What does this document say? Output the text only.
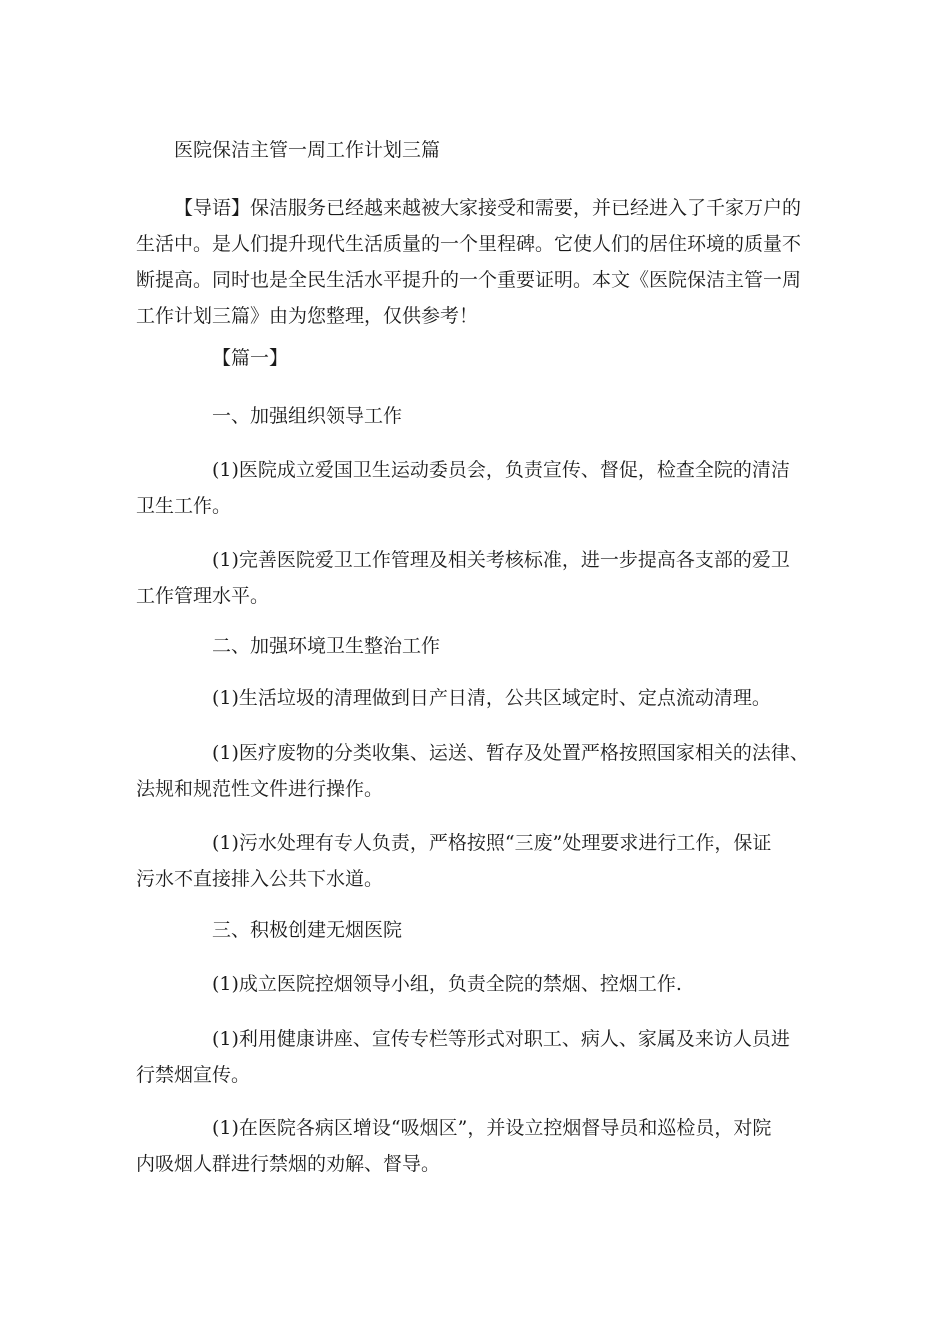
医院保洁主管一周工作计划三篇

【导语】保洁服务已经越来越被大家接受和需要，并已经进入了千家万户的
生活中。是人们提升现代生活质量的一个里程碑。它使人们的居住环境的质量不
断提高。同时也是全民生活水平提升的一个重要证明。本文《医院保洁主管一周
工作计划三篇》由为您整理，仅供参考！

【篇一】

一、加强组织领导工作

(1)医院成立爱国卫生运动委员会，负责宣传、督促，检查全院的清洁
卫生工作。

(1)完善医院爱卫工作管理及相关考核标准，进一步提高各支部的爱卫
工作管理水平。

二、加强环境卫生整治工作

(1)生活垃圾的清理做到日产日清，公共区域定时、定点流动清理。

(1)医疗废物的分类收集、运送、暂存及处置严格按照国家相关的法律、
法规和规范性文件进行操作。

(1)污水处理有专人负责，严格按照“三废”处理要求进行工作，保证
污水不直接排入公共下水道。

三、积极创建无烟医院

(1)成立医院控烟领导小组，负责全院的禁烟、控烟工作.

(1)利用健康讲座、宣传专栏等形式对职工、病人、家属及来访人员进
行禁烟宣传。

(1)在医院各病区增设“吸烟区”，并设立控烟督导员和巡检员，对院
内吸烟人群进行禁烟的劝解、督导。
